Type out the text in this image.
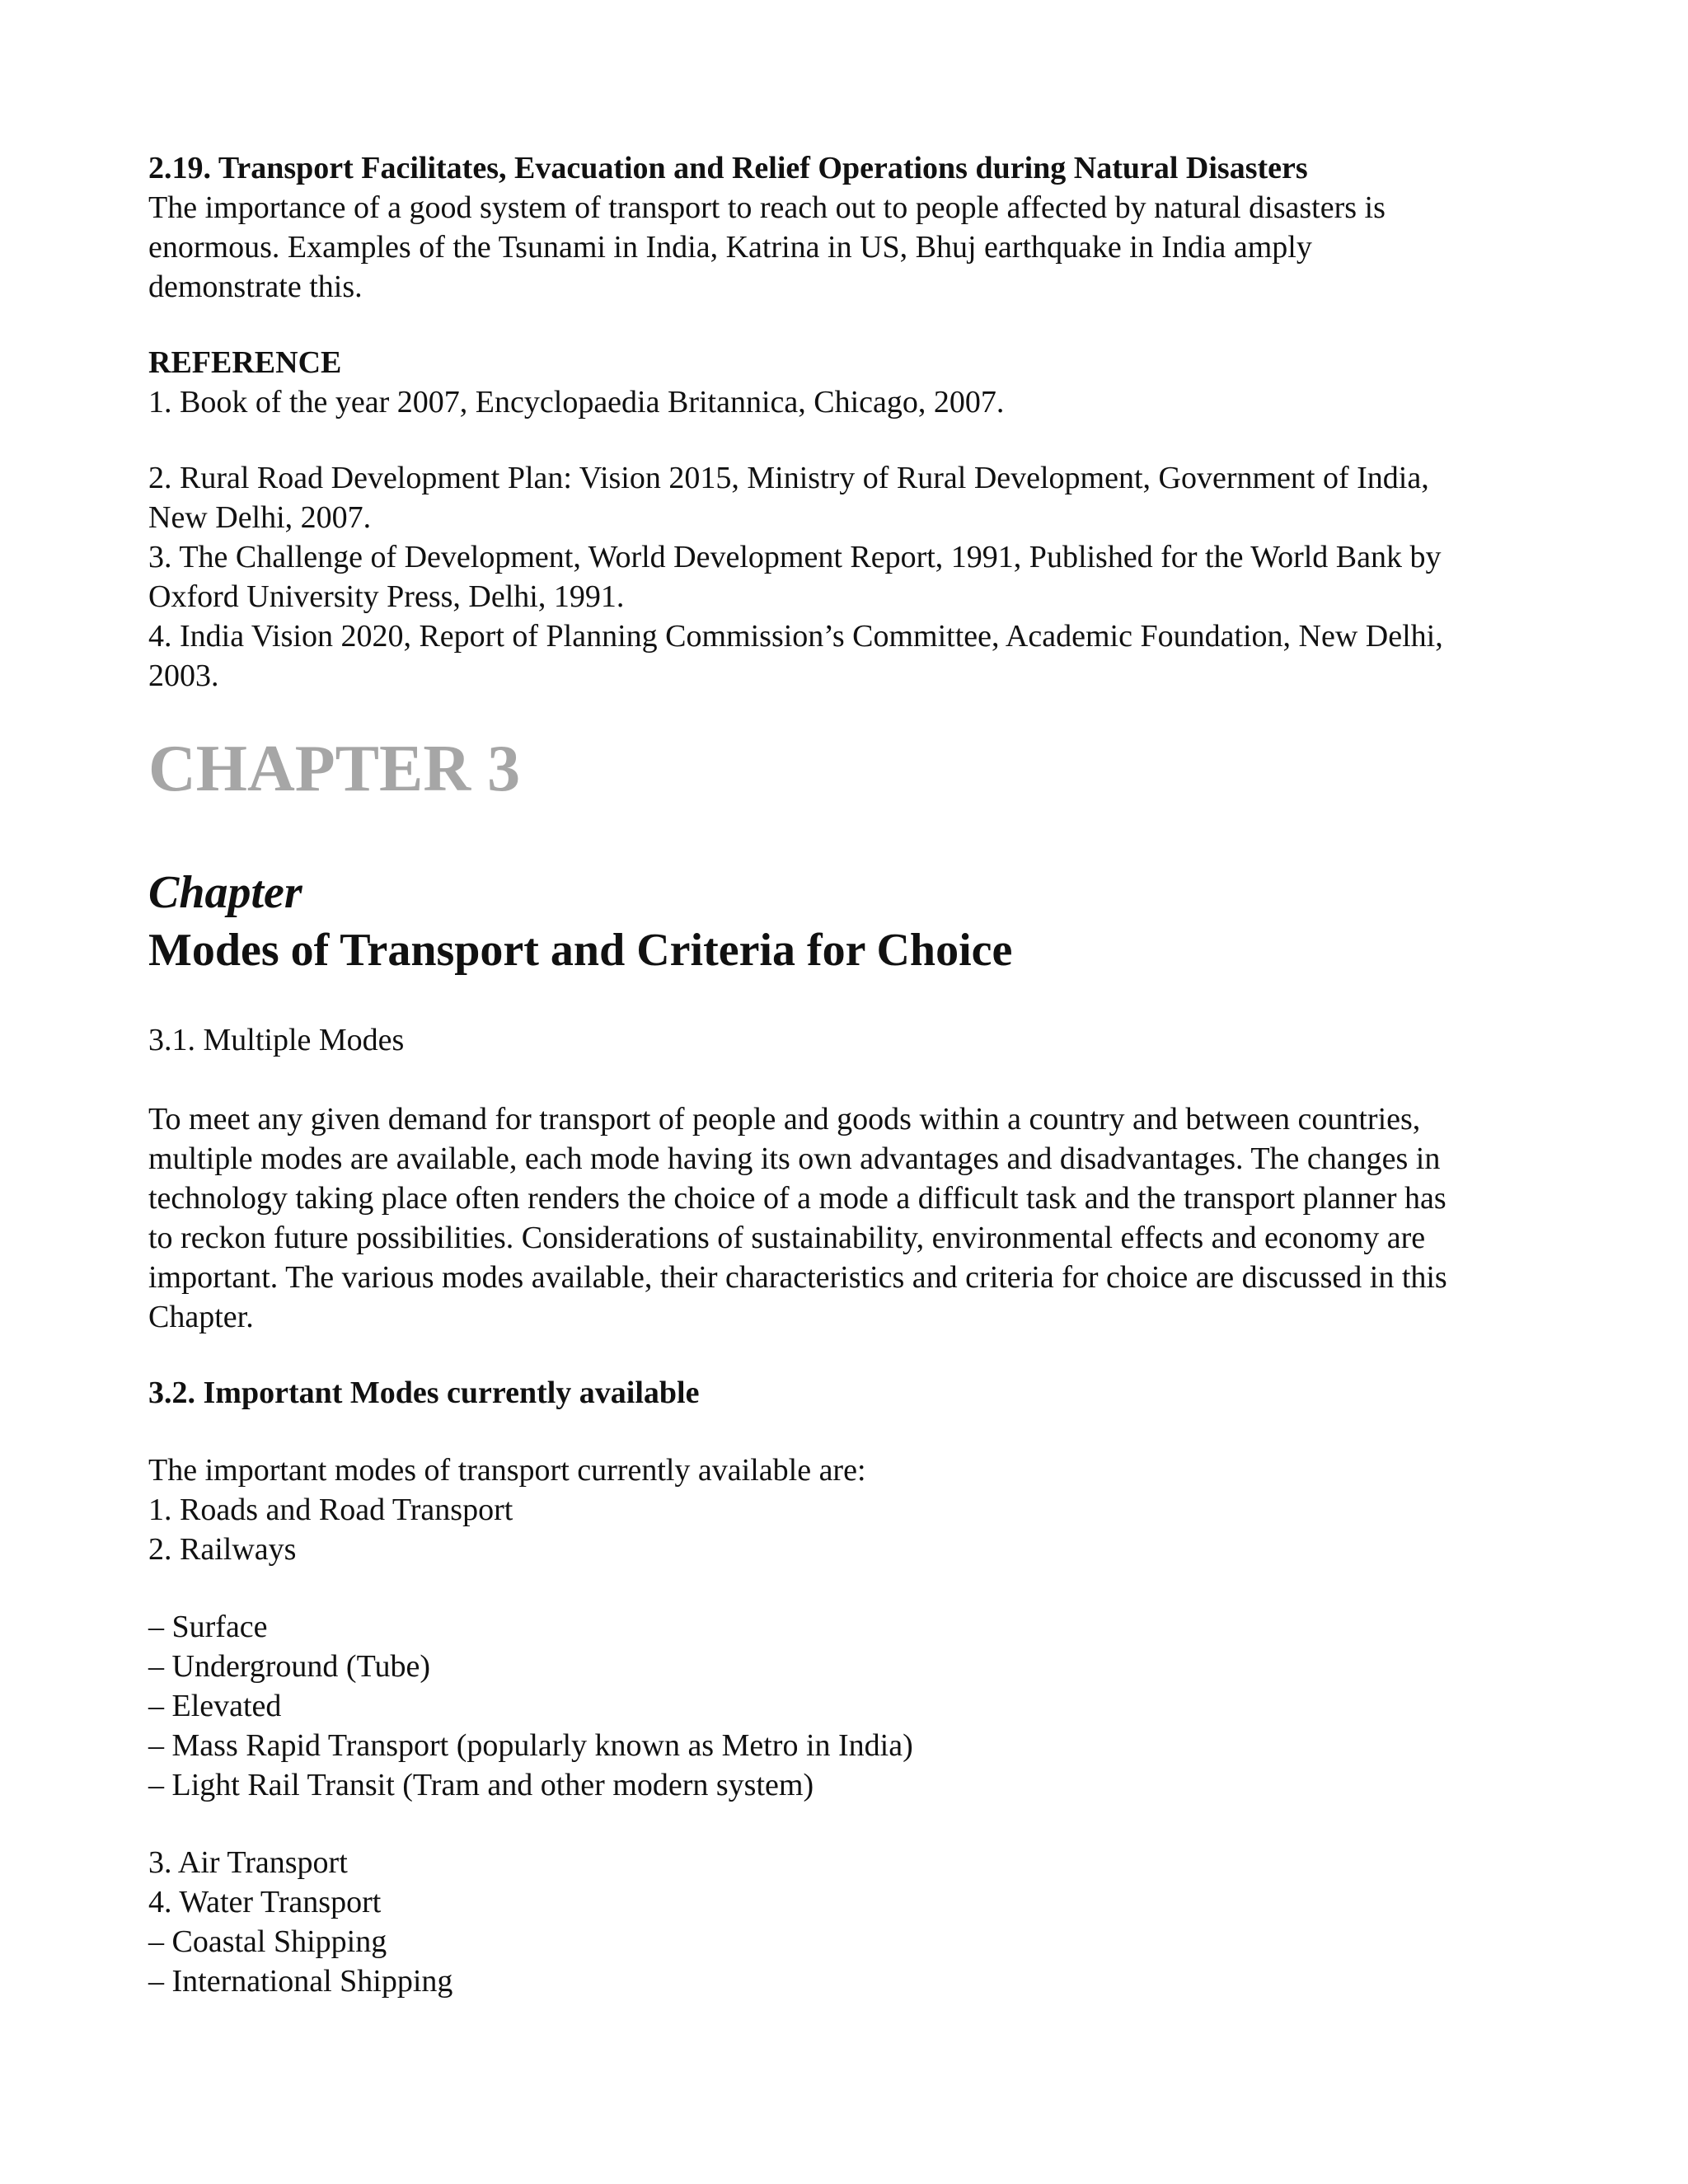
2.19. Transport Facilitates, Evacuation and Relief Operations during Natural Disasters
The importance of a good system of transport to reach out to people affected by natural disasters is
enormous. Examples of the Tsunami in India, Katrina in US, Bhuj earthquake in India amply
demonstrate this.
REFERENCE
1. Book of the year 2007, Encyclopaedia Britannica, Chicago, 2007.
2. Rural Road Development Plan: Vision 2015, Ministry of Rural Development, Government of India,
New Delhi, 2007.
3. The Challenge of Development, World Development Report, 1991, Published for the World Bank by
Oxford University Press, Delhi, 1991.
4. India Vision 2020, Report of Planning Commission’s Committee, Academic Foundation, New Delhi,
2003.
CHAPTER 3
Chapter
Modes of Transport and Criteria for Choice
3.1. Multiple Modes
To meet any given demand for transport of people and goods within a country and between countries,
multiple modes are available, each mode having its own advantages and disadvantages. The changes in
technology taking place often renders the choice of a mode a difficult task and the transport planner has
to reckon future possibilities. Considerations of sustainability, environmental effects and economy are
important. The various modes available, their characteristics and criteria for choice are discussed in this
Chapter.
3.2. Important Modes currently available
The important modes of transport currently available are:
1. Roads and Road Transport
2. Railways
– Surface
– Underground (Tube)
– Elevated
– Mass Rapid Transport (popularly known as Metro in India)
– Light Rail Transit (Tram and other modern system)
3. Air Transport
4. Water Transport
– Coastal Shipping
– International Shipping
